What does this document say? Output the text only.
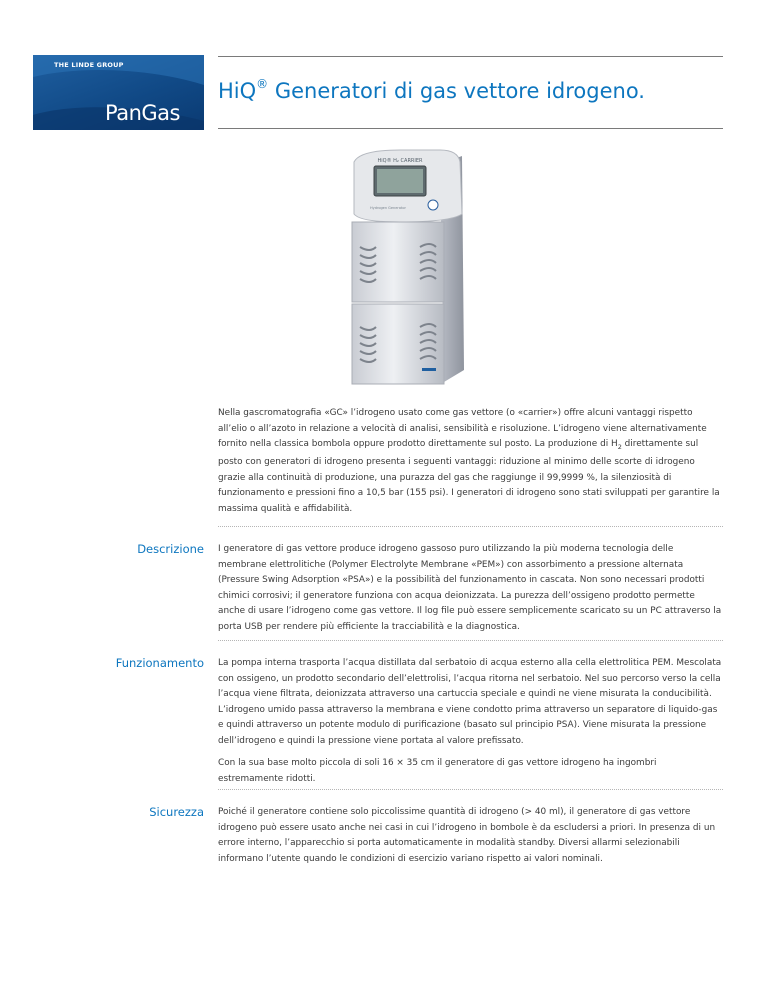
THE LINDE GROUP
PanGas
HiQ® Generatori di gas vettore idrogeno.
HiQ® H₂ CARRIER
Hydrogen Generator

Nella gascromatografia «GC» l’idrogeno usato come gas vettore (o «carrier») offre alcuni vantaggi rispetto all’elio o all’azoto in relazione a velocità di analisi, sensibilità e risoluzione. L’idrogeno viene alternativamente fornito nella classica bombola oppure prodotto direttamente sul posto. La produzione di $H_2$ direttamente sul posto con generatori di idrogeno presenta i seguenti vantaggi: riduzione al minimo delle scorte di idrogeno grazie alla continuità di produzione, una purazza del gas che raggiunge il 99,9999 %, la silenziosità di funzionamento e pressioni fino a 10,5 bar (155 psi). I generatori di idrogeno sono stati sviluppati per garantire la massima qualità e affidabilità.

Descrizione I generatore di gas vettore produce idrogeno gassoso puro utilizzando la più moderna tecnologia delle membrane elettrolitiche (Polymer Electrolyte Membrane «PEM») con assorbimento a pressione alternata (Pressure Swing Adsorption «PSA») e la possibilità del funzionamento in cascata. Non sono necessari prodotti chimici corrosivi; il generatore funziona con acqua deionizzata. La purezza dell’ossigeno prodotto permette anche di usare l’idrogeno come gas vettore. Il log file può essere semplicemente scaricato su un PC attraverso la porta USB per rendere più efficiente la tracciabilità e la diagnostica.

Funzionamento La pompa interna trasporta l’acqua distillata dal serbatoio di acqua esterno alla cella elettrolitica PEM. Mescolata con ossigeno, un prodotto secondario dell’elettrolisi, l’acqua ritorna nel serbatoio. Nel suo percorso verso la cella l’acqua viene filtrata, deionizzata attraverso una cartuccia speciale e quindi ne viene misurata la conducibilità. L’idrogeno umido passa attraverso la membrana e viene condotto prima attraverso un separatore di liquido-gas e quindi attraverso un potente modulo di purificazione (basato sul principio PSA). Viene misurata la pressione dell’idrogeno e quindi la pressione viene portata al valore prefissato.

Con la sua base molto piccola di soli 16 × 35 cm il generatore di gas vettore idrogeno ha ingombri estremamente ridotti.

Sicurezza Poiché il generatore contiene solo piccolissime quantità di idrogeno (> 40 ml), il generatore di gas vettore idrogeno può essere usato anche nei casi in cui l’idrogeno in bombole è da escludersi a priori. In presenza di un errore interno, l’apparecchio si porta automaticamente in modalità standby. Diversi allarmi selezionabili informano l’utente quando le condizioni di esercizio variano rispetto ai valori nominali.
